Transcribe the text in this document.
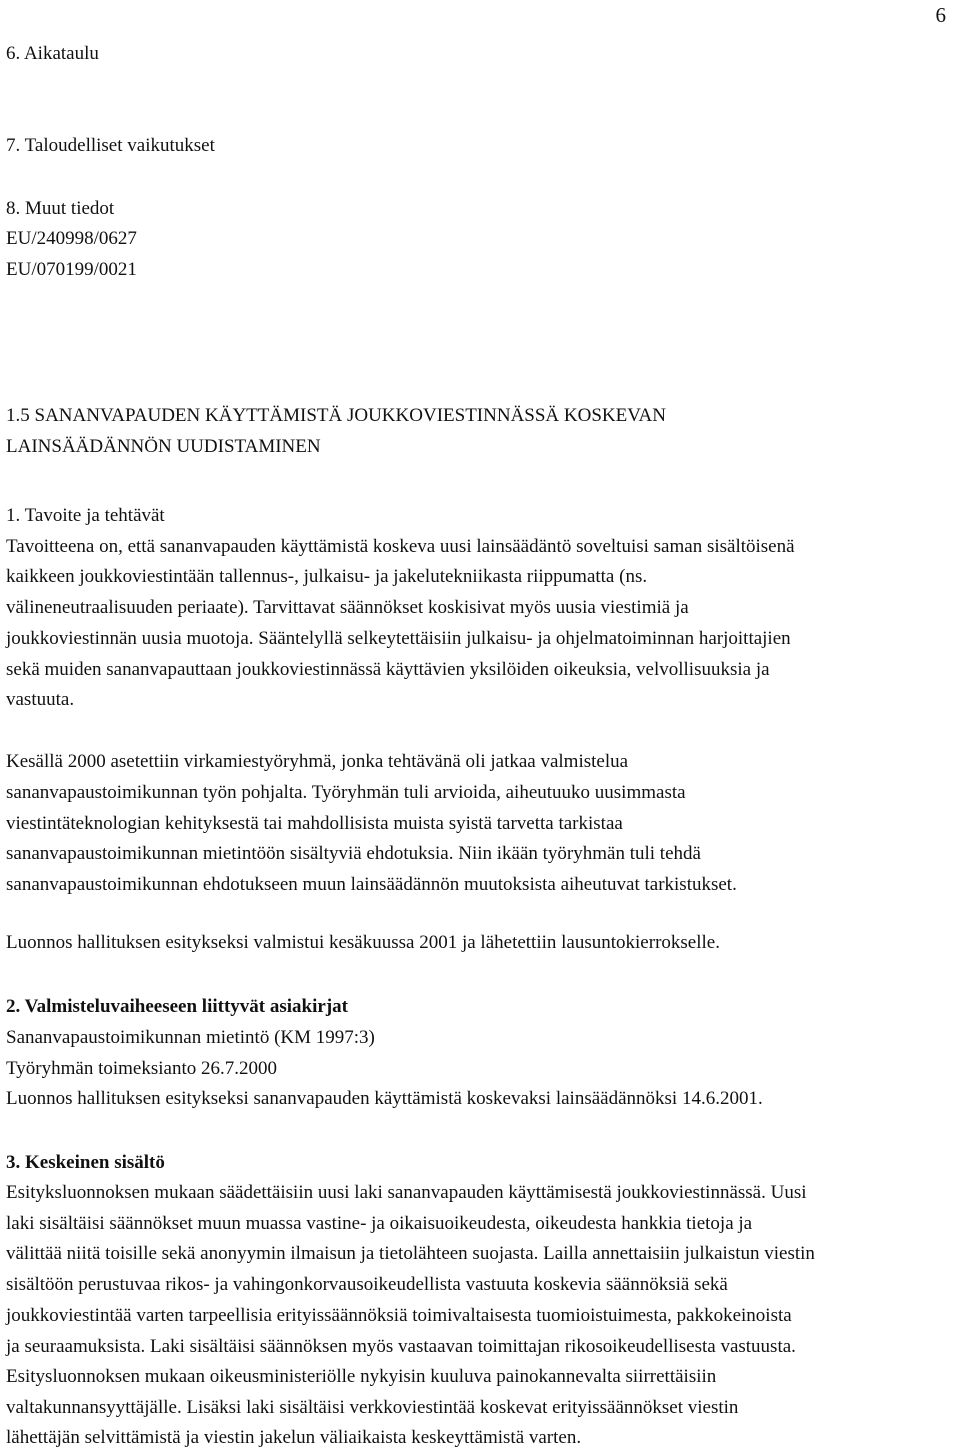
6
6. Aikataulu
7. Taloudelliset vaikutukset
8. Muut tiedot
EU/240998/0627
EU/070199/0021
1.5 SANANVAPAUDEN KÄYTTÄMISTÄ JOUKKOVIESTINNÄSSÄ KOSKEVAN
LAINSÄÄDÄNNÖN UUDISTAMINEN
1. Tavoite ja tehtävät
Tavoitteena on, että sananvapauden käyttämistä koskeva uusi lainsäädäntö soveltuisi saman sisältöisenä
kaikkeen joukkoviestintään tallennus-, julkaisu- ja jakelutekniikasta riippumatta (ns.
välineneutraalisuuden periaate). Tarvittavat säännökset koskisivat myös uusia viestimiä ja
joukkoviestinnän uusia muotoja. Sääntelyllä selkeytettäisiin julkaisu- ja ohjelmatoiminnan harjoittajien
sekä muiden sananvapauttaan joukkoviestinnässä käyttävien yksilöiden oikeuksia, velvollisuuksia ja
vastuuta.
Kesällä 2000 asetettiin virkamiestyöryhmä, jonka tehtävänä oli jatkaa valmistelua
sananvapaustoimikunnan työn pohjalta. Työryhmän tuli arvioida, aiheutuuko uusimmasta
viestintäteknologian kehityksestä tai mahdollisista muista syistä tarvetta tarkistaa
sananvapaustoimikunnan mietintöön sisältyviä ehdotuksia. Niin ikään työryhmän tuli tehdä
sananvapaustoimikunnan ehdotukseen muun lainsäädännön muutoksista aiheutuvat tarkistukset.
Luonnos hallituksen esitykseksi valmistui kesäkuussa 2001 ja lähetettiin lausuntokierrokselle.
2. Valmisteluvaiheeseen liittyvät asiakirjat
Sananvapaustoimikunnan mietintö (KM 1997:3)
Työryhmän toimeksianto 26.7.2000
Luonnos hallituksen esitykseksi sananvapauden käyttämistä koskevaksi lainsäädännöksi 14.6.2001.
3. Keskeinen sisältö
Esityksluonnoksen mukaan säädettäisiin uusi laki sananvapauden käyttämisestä joukkoviestinnässä. Uusi
laki sisältäisi säännökset muun muassa vastine- ja oikaisuoikeudesta, oikeudesta hankkia tietoja ja
välittää niitä toisille sekä anonyymin ilmaisun ja tietolähteen suojasta. Lailla annettaisiin julkaistun viestin
sisältöön perustuvaa rikos- ja vahingonkorvausoikeudellista vastuuta koskevia säännöksiä sekä
joukkoviestintää varten tarpeellisia erityissäännöksiä toimivaltaisesta tuomioistuimesta, pakkokeinoista
ja seuraamuksista. Laki sisältäisi säännöksen myös vastaavan toimittajan rikosoikeudellisesta vastuusta.
Esitysluonnoksen mukaan oikeusministeriölle nykyisin kuuluva painokannevalta siirrettäisiin
valtakunnansyyttäjälle. Lisäksi laki sisältäisi verkkoviestintää koskevat erityissäännökset viestin
lähettäjän selvittämistä ja viestin jakelun väliaikaista keskeyttämistä varten.
